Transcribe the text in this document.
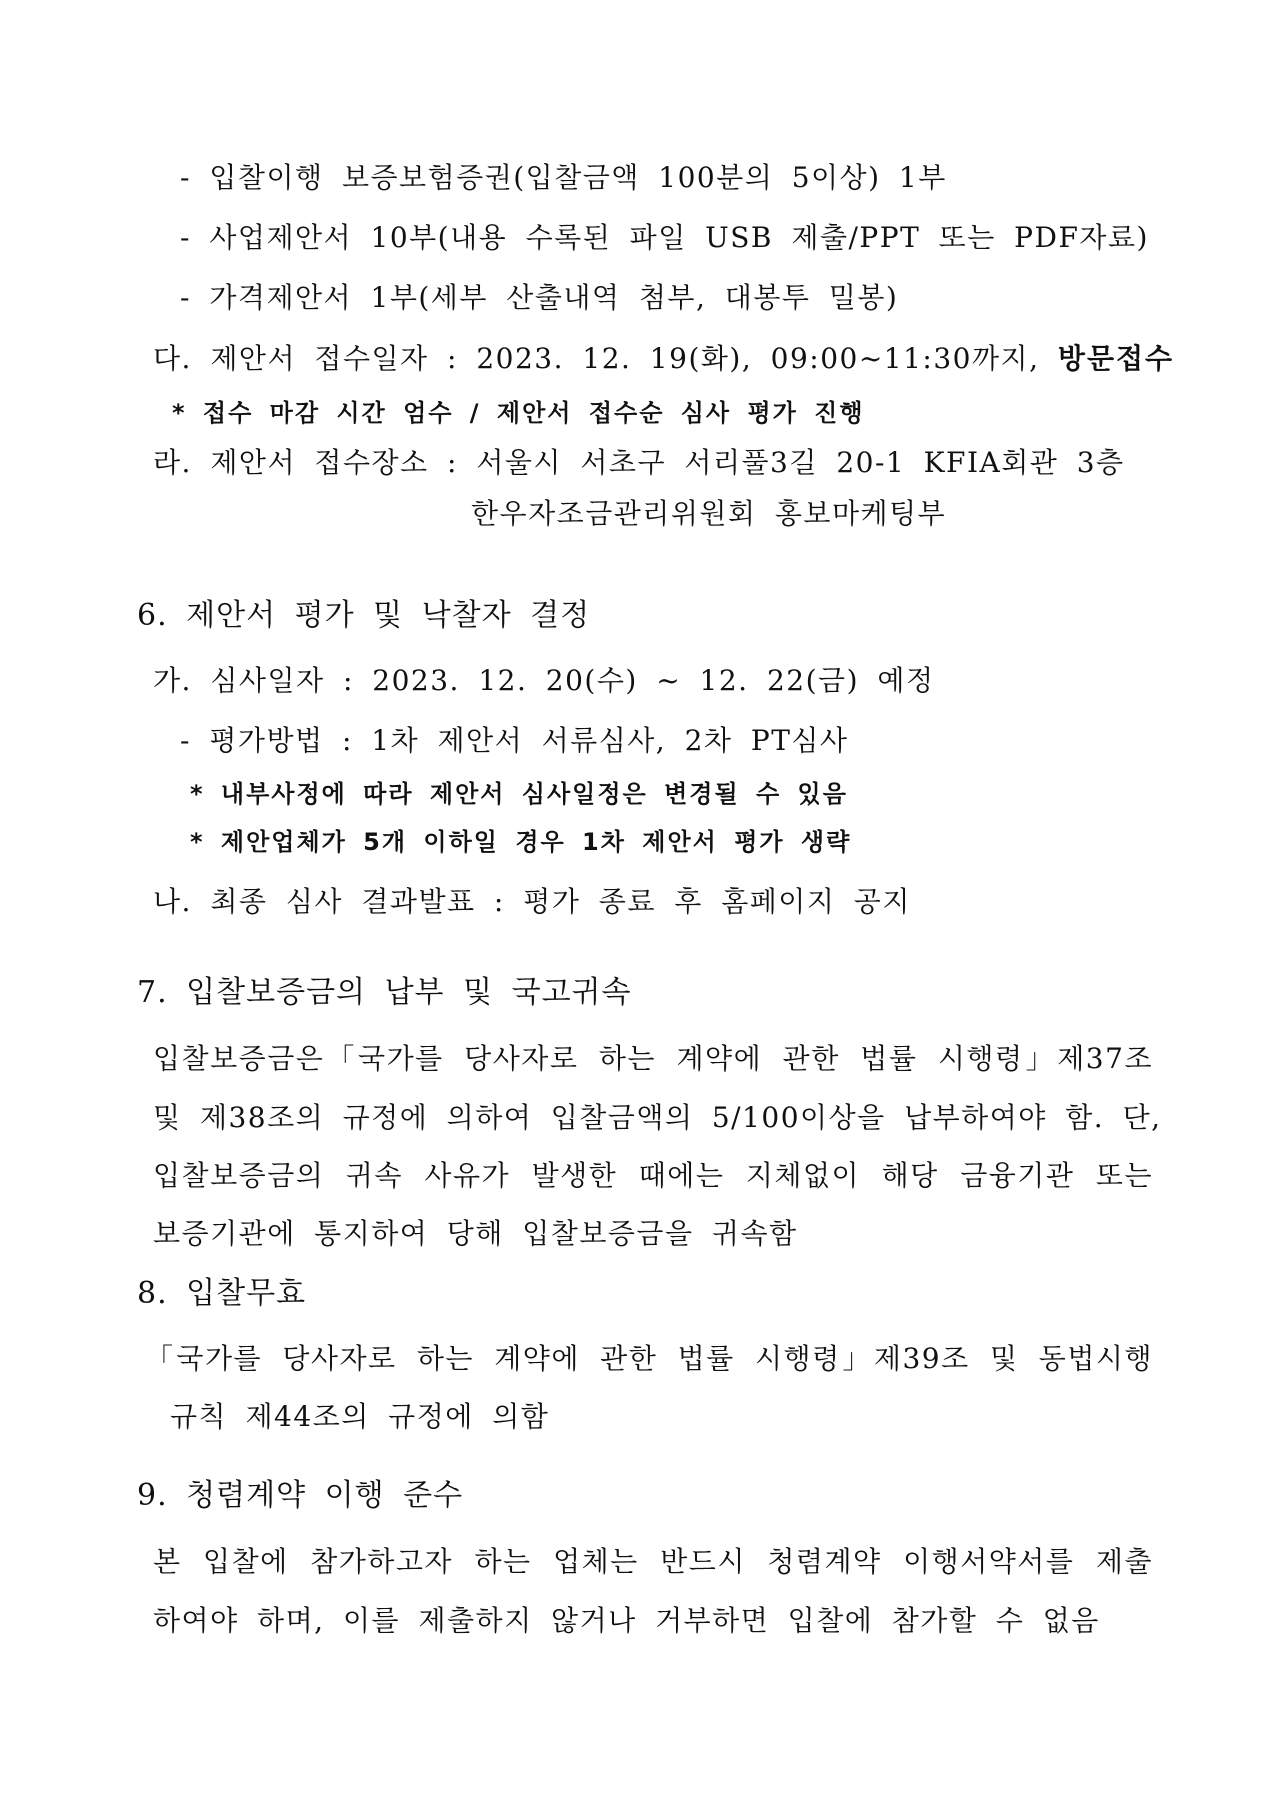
- 입찰이행 보증보험증권(입찰금액 100분의 5이상) 1부
- 사업제안서 10부(내용 수록된 파일 USB 제출/PPT 또는 PDF자료)
- 가격제안서 1부(세부 산출내역 첨부, 대봉투 밀봉)
다. 제안서 접수일자 : 2023. 12. 19(화), 09:00~11:30까지, 방문접수
* 접수 마감 시간 엄수 / 제안서 접수순 심사 평가 진행
라. 제안서 접수장소 : 서울시 서초구 서리풀3길 20-1 KFIA회관 3층
한우자조금관리위원회 홍보마케팅부
6. 제안서 평가 및 낙찰자 결정
가. 심사일자 : 2023. 12. 20(수) ~ 12. 22(금) 예정
- 평가방법 : 1차 제안서 서류심사, 2차 PT심사
* 내부사정에 따라 제안서 심사일정은 변경될 수 있음
* 제안업체가 5개 이하일 경우 1차 제안서 평가 생략
나. 최종 심사 결과발표 : 평가 종료 후 홈페이지 공지
7. 입찰보증금의 납부 및 국고귀속
입찰보증금은「국가를 당사자로 하는 계약에 관한 법률 시행령」제37조
및 제38조의 규정에 의하여 입찰금액의 5/100이상을 납부하여야 함. 단,
입찰보증금의 귀속 사유가 발생한 때에는 지체없이 해당 금융기관 또는
보증기관에 통지하여 당해 입찰보증금을 귀속함
8. 입찰무효
「국가를 당사자로 하는 계약에 관한 법률 시행령」제39조 및 동법시행
규칙 제44조의 규정에 의함
9. 청렴계약 이행 준수
본 입찰에 참가하고자 하는 업체는 반드시 청렴계약 이행서약서를 제출
하여야 하며, 이를 제출하지 않거나 거부하면 입찰에 참가할 수 없음
